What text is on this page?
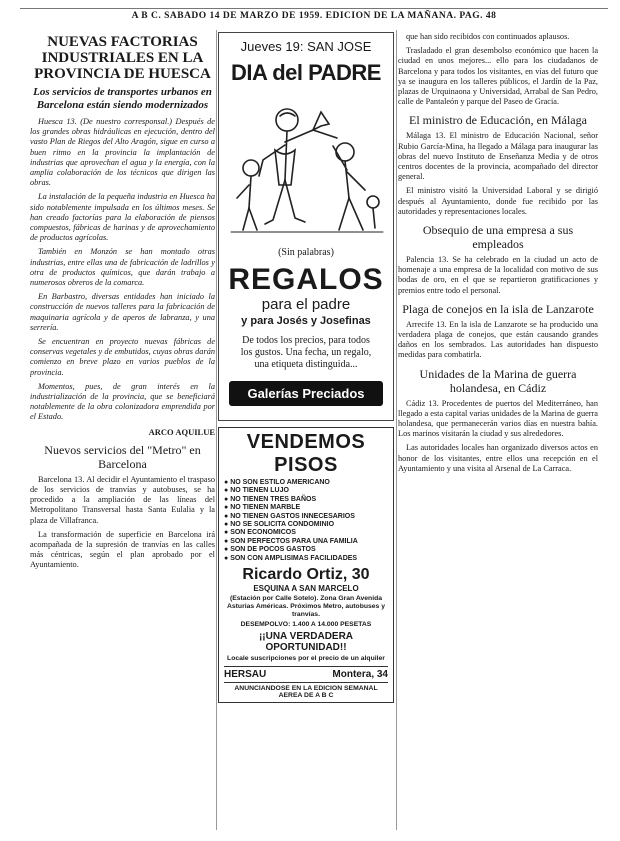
A B C. SABADO 14 DE MARZO DE 1959. EDICION DE LA MAÑANA. PAG. 48
NUEVAS FACTORIAS INDUSTRIALES EN LA PROVINCIA DE HUESCA
Los servicios de transportes urbanos en Barcelona están siendo modernizados

Huesca 13. (De nuestro corresponsal.) Después de los grandes obras hidráulicas en ejecución, dentro del vasto Plan de Riegos del Alto Aragón, sigue en curso a buen ritmo en la provincia la implantación de industrias que aprovechan el agua y la energía, con la amplia colaboración de los técnicos que dirigen las obras.

La instalación de la pequeña industria en Huesca ha sido notablemente impulsada en los últimos meses. Se han creado factorías para la elaboración de piensos compuestos, fábricas de harinas y de aprovechamiento de productos agrícolas.

También en Monzón se han montado otras industrias, entre ellas una de fabricación de ladrillos y otra de productos químicos, que darán trabajo a numerosos obreros de la comarca.

En Barbastro, diversas entidades han iniciado la construcción de nuevos talleres para la fabricación de maquinaria agrícola y de aperos de labranza, y una serrería.

Se encuentran en proyecto nuevas fábricas de conservas vegetales y de embutidos, cuyas obras darán comienzo en breve plazo en varios pueblos de la provincia.

Momentos, pues, de gran interés en la industrialización de la provincia, que se beneficiará notablemente de la obra colonizadora emprendida por el Estado.

ARCO AQUILUE
Nuevos servicios del "Metro" en Barcelona

Barcelona 13. Al decidir el Ayuntamiento el traspaso de los servicios de tranvías y autobuses, se ha procedido a la ampliación de las líneas del Metropolitano Transversal hasta Santa Eulalia y la plaza de Villafranca.

La transformación de superficie en Barcelona irá acompañada de la supresión de tranvías en las calles más céntricas, según el plan aprobado por el Ayuntamiento.

Jueves 19: SAN JOSE
DIA del PADRE
(Sin palabras)
REGALOS
para el padre
y para Josés y Josefinas
De todos los precios, para todos los gustos. Una fecha, un regalo, una etiqueta distinguida...
Galerías Preciados
VENDEMOS PISOS
● NO SON ESTILO AMERICANO
● NO TIENEN LUJO
● NO TIENEN TRES BAÑOS
● NO TIENEN MARBLE
● NO TIENEN GASTOS INNECESARIOS
● NO SE SOLICITA CONDOMINIO
● SON ECONOMICOS
● SON PERFECTOS PARA UNA FAMILIA
● SON DE POCOS GASTOS
● SON CON AMPLISIMAS FACILIDADES
Ricardo Ortiz, 30
ESQUINA A SAN MARCELO
(Estación por Calle Sotelo). Zona Gran Avenida Asturias Américas. Próximos Metro, autobuses y tranvías.
DESEMPOLVO: 1.400 A 14.000 PESETAS
¡¡UNA VERDADERA OPORTUNIDAD!!
Locale suscripciones por el precio de un alquiler
HERSAU	Montera, 34
ANUNCIANDOSE EN LA EDICION SEMANAL AEREA DE A B C

que han sido recibidos con continuados aplausos.

Trasladado el gran desembolso económico que hacen la ciudad en unos mejores... ello para los ciudadanos de Barcelona y para todos los visitantes, en vías del futuro que ya se inaugura en los talleres públicos, el Jardín de la Paz, plazas de Urquinaona y Universidad, Arrabal de San Pedro, calle de Pantaleón y parque del Paseo de Gracia.

El ministro de Educación, en Málaga

Málaga 13. El ministro de Educación Nacional, señor Rubio García-Mina, ha llegado a Málaga para inaugurar las obras del nuevo Instituto de Enseñanza Media y de otros centros docentes de la provincia, acompañado del director general.

El ministro visitó la Universidad Laboral y se dirigió después al Ayuntamiento, donde fue recibido por las autoridades y representaciones locales.

Obsequio de una empresa a sus empleados

Palencia 13. Se ha celebrado en la ciudad un acto de homenaje a una empresa de la localidad con motivo de sus bodas de oro, en el que se repartieron gratificaciones y premios entre todo el personal.

Plaga de conejos en la isla de Lanzarote

Arrecife 13. En la isla de Lanzarote se ha producido una verdadera plaga de conejos, que están causando grandes daños en los sembrados. Las autoridades han dispuesto medidas para combatirla.

Unidades de la Marina de guerra holandesa, en Cádiz

Cádiz 13. Procedentes de puertos del Mediterráneo, han llegado a esta capital varias unidades de la Marina de guerra holandesa, que permanecerán varios días en nuestra bahía. Los marinos visitarán la ciudad y sus alrededores.

Las autoridades locales han organizado diversos actos en honor de los visitantes, entre ellos una recepción en el Ayuntamiento y una visita al Arsenal de La Carraca.
